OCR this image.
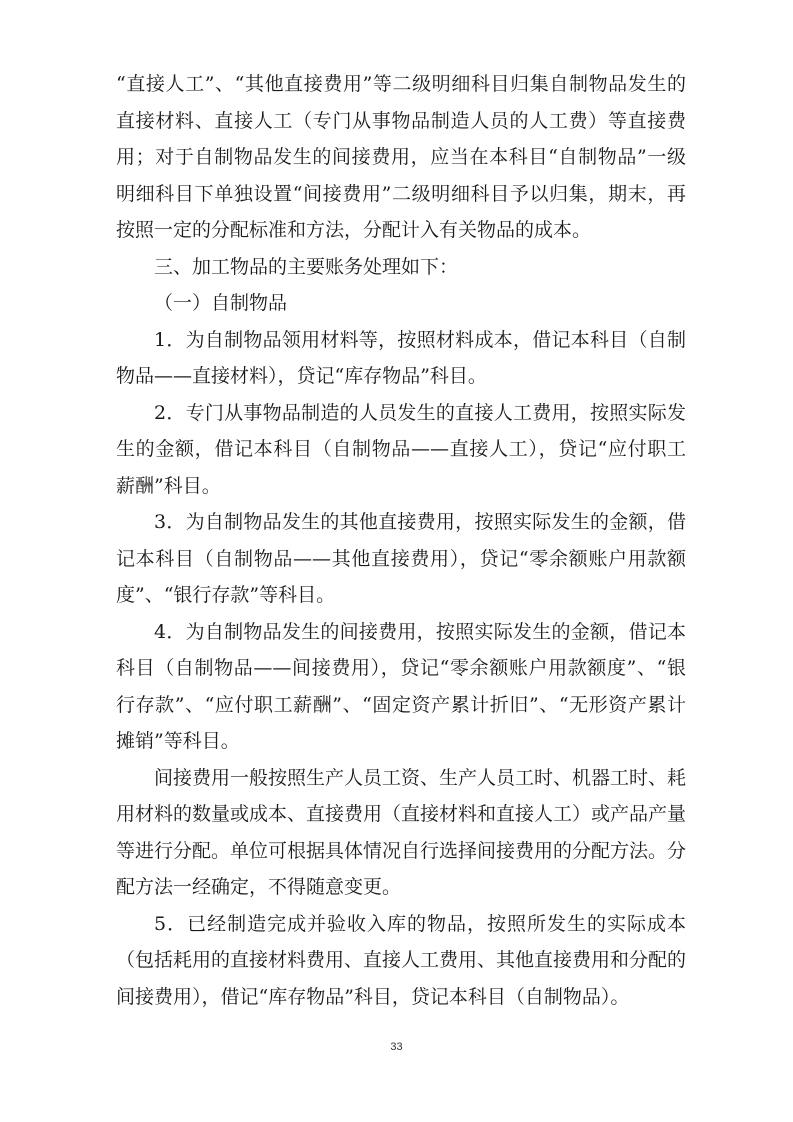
“直接人工”、“其他直接费用”等二级明细科目归集自制物品发生的直接材料、直接人工（专门从事物品制造人员的人工费）等直接费用；对于自制物品发生的间接费用，应当在本科目“自制物品”一级明细科目下单独设置“间接费用”二级明细科目予以归集，期末，再按照一定的分配标准和方法，分配计入有关物品的成本。

三、加工物品的主要账务处理如下：

（一）自制物品

1．为自制物品领用材料等，按照材料成本，借记本科目（自制物品——直接材料），贷记“库存物品”科目。

2．专门从事物品制造的人员发生的直接人工费用，按照实际发生的金额，借记本科目（自制物品——直接人工），贷记“应付职工薪酬”科目。

3．为自制物品发生的其他直接费用，按照实际发生的金额，借记本科目（自制物品——其他直接费用），贷记“零余额账户用款额度”、“银行存款”等科目。

4．为自制物品发生的间接费用，按照实际发生的金额，借记本科目（自制物品——间接费用），贷记“零余额账户用款额度”、“银行存款”、“应付职工薪酬”、“固定资产累计折旧”、“无形资产累计摊销”等科目。

间接费用一般按照生产人员工资、生产人员工时、机器工时、耗用材料的数量或成本、直接费用（直接材料和直接人工）或产品产量等进行分配。单位可根据具体情况自行选择间接费用的分配方法。分配方法一经确定，不得随意变更。

5．已经制造完成并验收入库的物品，按照所发生的实际成本（包括耗用的直接材料费用、直接人工费用、其他直接费用和分配的间接费用），借记“库存物品”科目，贷记本科目（自制物品）。

33
